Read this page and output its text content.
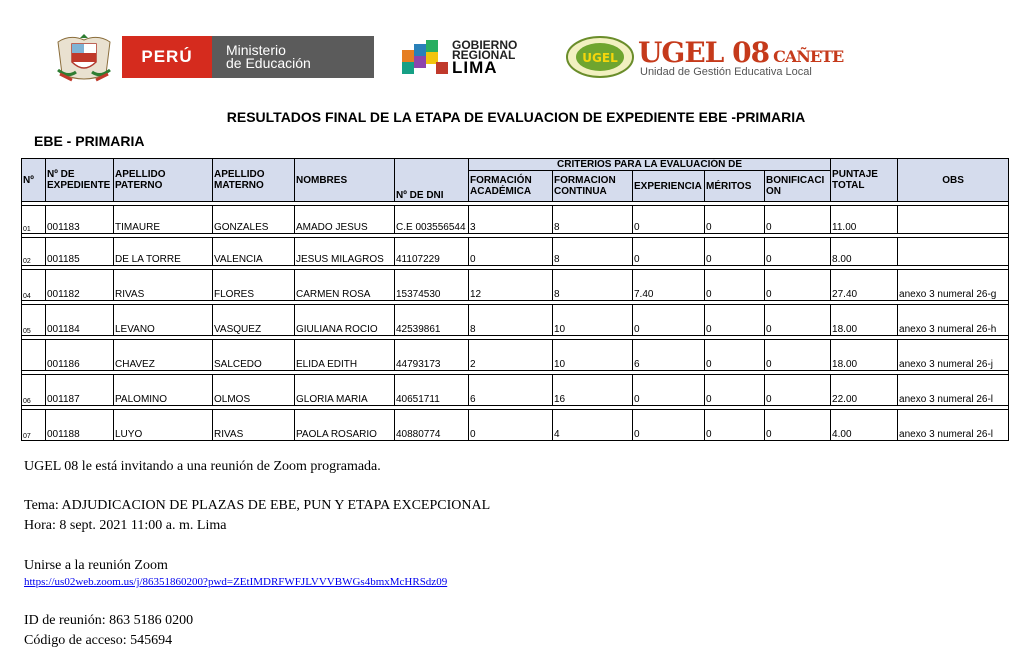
PERÚ	Ministerio
de Educación
GOBIERNO
REGIONAL
LIMA	UGEL UGEL 08 CAÑETE
Unidad de Gestión Educativa Local
RESULTADOS FINAL DE LA ETAPA DE EVALUACION DE EXPEDIENTE EBE -PRIMARIA
EBE - PRIMARIA
Nº	Nº DE EXPEDIENTE	APELLIDO PATERNO	APELLIDO MATERNO	NOMBRES	Nº DE DNI	CRITERIOS PARA LA EVALUACIÓN DE					PUNTAJE TOTAL	OBS
						FORMACIÓN ACADÉMICA	FORMACION CONTINUA	EXPERIENCIA	MÉRITOS	BONIFICACION		

01	001183	TIMAURE	GONZALES	AMADO JESUS	C.E 003556544	3	8	0	0	0	11.00	

02	001185	DE LA TORRE	VALENCIA	JESUS MILAGROS	41107229	0	8	0	0	0	8.00	

04	001182	RIVAS	FLORES	CARMEN ROSA	15374530	12	8	7.40	0	0	27.40	anexo 3 numeral 26-g

05	001184	LEVANO	VASQUEZ	GIULIANA ROCIO	42539861	8	10	0	0	0	18.00	anexo 3 numeral 26-h

	001186	CHAVEZ	SALCEDO	ELIDA EDITH	44793173	2	10	6	0	0	18.00	anexo 3 numeral 26-j

06	001187	PALOMINO	OLMOS	GLORIA MARIA	40651711	6	16	0	0	0	22.00	anexo 3 numeral 26-l

07	001188	LUYO	RIVAS	PAOLA ROSARIO	40880774	0	4	0	0	0	4.00	anexo 3 numeral 26-l
UGEL 08 le está invitando a una reunión de Zoom programada.
Tema: ADJUDICACION DE PLAZAS DE EBE, PUN Y ETAPA EXCEPCIONAL
Hora: 8 sept. 2021 11:00 a. m. Lima
Unirse a la reunión Zoom
https://us02web.zoom.us/j/86351860200?pwd=ZEtIMDRFWFJLVVVBWGs4bmxMcHRSdz09
ID de reunión: 863 5186 0200
Código de acceso: 545694
